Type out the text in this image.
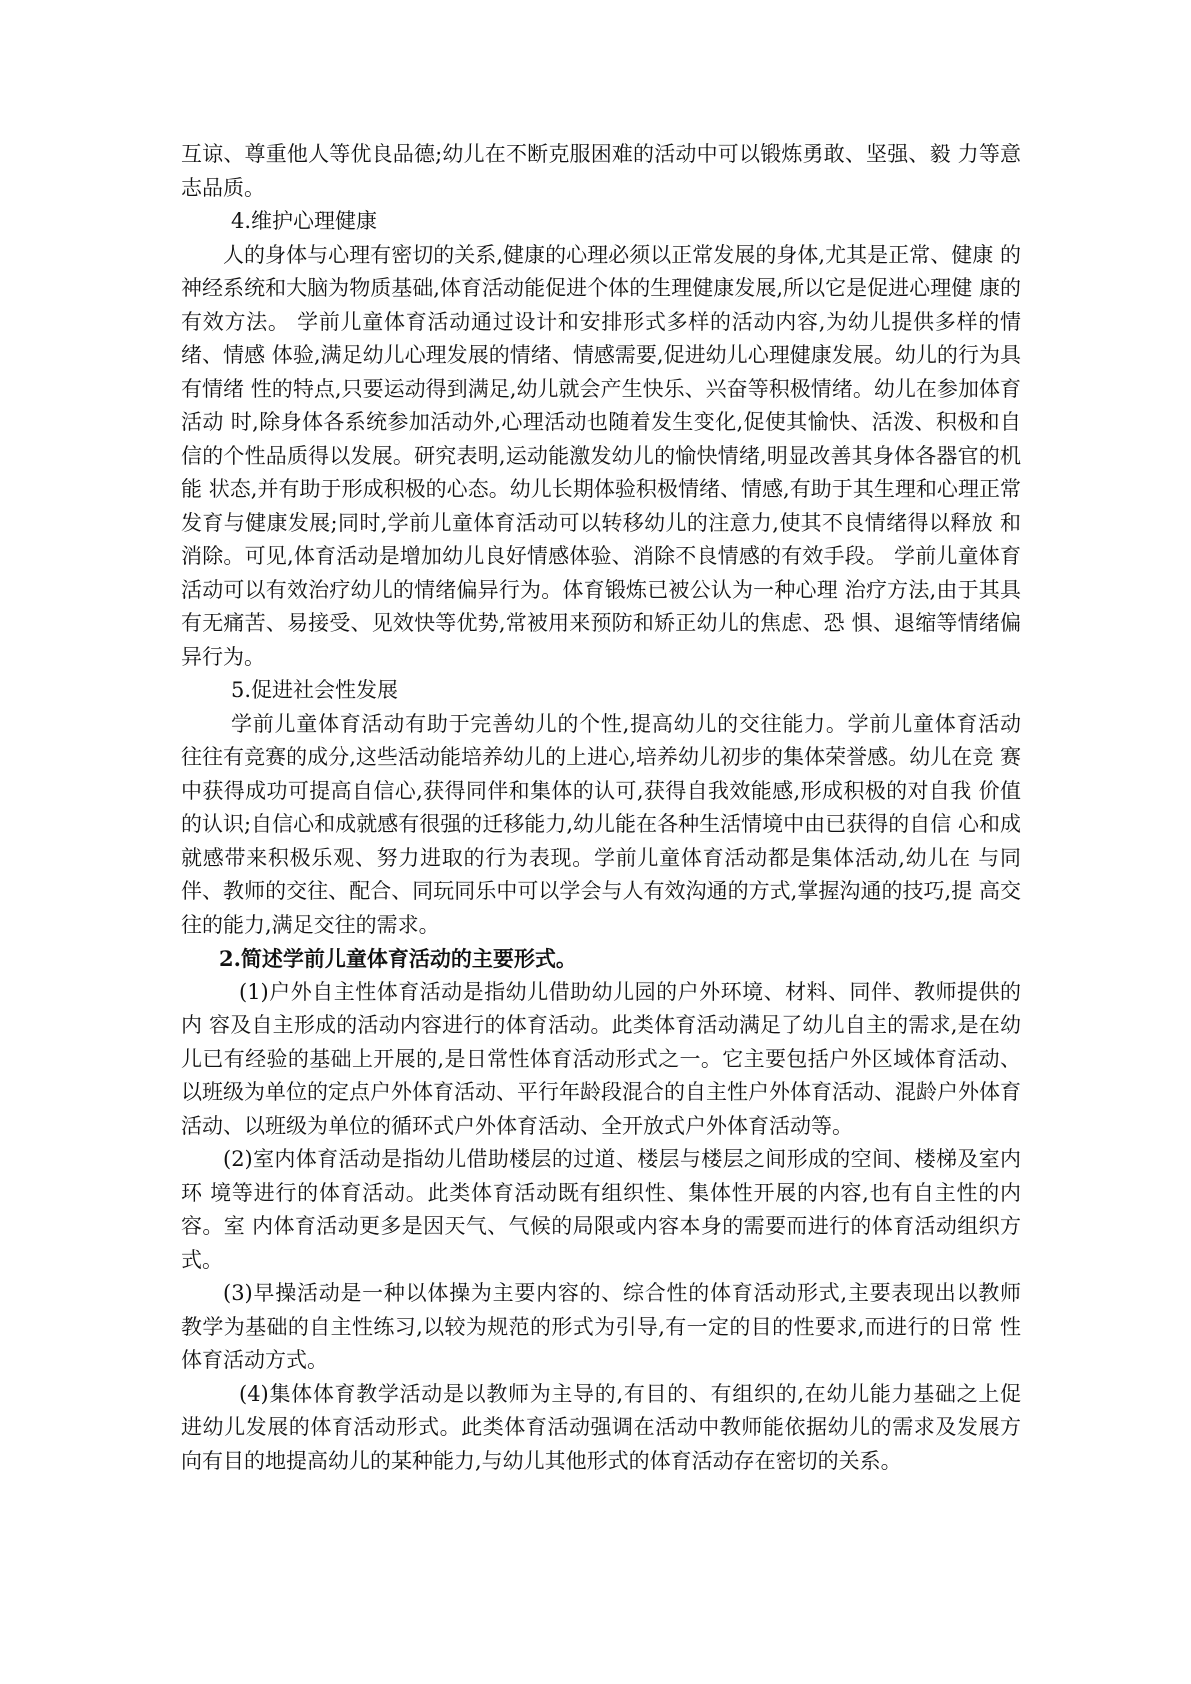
互谅、尊重他人等优良品德;幼儿在不断克服困难的活动中可以锻炼勇敢、坚强、毅 力等意志品质。

4.维护心理健康

人的身体与心理有密切的关系,健康的心理必须以正常发展的身体,尤其是正常、健康 的神经系统和大脑为物质基础,体育活动能促进个体的生理健康发展,所以它是促进心理健 康的有效方法。 学前儿童体育活动通过设计和安排形式多样的活动内容,为幼儿提供多样的情绪、情感 体验,满足幼儿心理发展的情绪、情感需要,促进幼儿心理健康发展。幼儿的行为具有情绪 性的特点,只要运动得到满足,幼儿就会产生快乐、兴奋等积极情绪。幼儿在参加体育活动 时,除身体各系统参加活动外,心理活动也随着发生变化,促使其愉快、活泼、积极和自信的个性品质得以发展。研究表明,运动能激发幼儿的愉快情绪,明显改善其身体各器官的机能 状态,并有助于形成积极的心态。幼儿长期体验积极情绪、情感,有助于其生理和心理正常 发育与健康发展;同时,学前儿童体育活动可以转移幼儿的注意力,使其不良情绪得以释放 和消除。可见,体育活动是增加幼儿良好情感体验、消除不良情感的有效手段。 学前儿童体育活动可以有效治疗幼儿的情绪偏异行为。体育锻炼已被公认为一种心理 治疗方法,由于其具有无痛苦、易接受、见效快等优势,常被用来预防和矫正幼儿的焦虑、恐 惧、退缩等情绪偏异行为。

5.促进社会性发展

学前儿童体育活动有助于完善幼儿的个性,提高幼儿的交往能力。学前儿童体育活动 往往有竞赛的成分,这些活动能培养幼儿的上进心,培养幼儿初步的集体荣誉感。幼儿在竞 赛中获得成功可提高自信心,获得同伴和集体的认可,获得自我效能感,形成积极的对自我 价值的认识;自信心和成就感有很强的迁移能力,幼儿能在各种生活情境中由已获得的自信 心和成就感带来积极乐观、努力进取的行为表现。学前儿童体育活动都是集体活动,幼儿在 与同伴、教师的交往、配合、同玩同乐中可以学会与人有效沟通的方式,掌握沟通的技巧,提 高交往的能力,满足交往的需求。

2.简述学前儿童体育活动的主要形式。

(1)户外自主性体育活动是指幼儿借助幼儿园的户外环境、材料、同伴、教师提供的内 容及自主形成的活动内容进行的体育活动。此类体育活动满足了幼儿自主的需求,是在幼 儿已有经验的基础上开展的,是日常性体育活动形式之一。它主要包括户外区域体育活动、 以班级为单位的定点户外体育活动、平行年龄段混合的自主性户外体育活动、混龄户外体育 活动、以班级为单位的循环式户外体育活动、全开放式户外体育活动等。

(2)室内体育活动是指幼儿借助楼层的过道、楼层与楼层之间形成的空间、楼梯及室内环 境等进行的体育活动。此类体育活动既有组织性、集体性开展的内容,也有自主性的内容。室 内体育活动更多是因天气、气候的局限或内容本身的需要而进行的体育活动组织方式。

(3)早操活动是一种以体操为主要内容的、综合性的体育活动形式,主要表现出以教师 教学为基础的自主性练习,以较为规范的形式为引导,有一定的目的性要求,而进行的日常 性体育活动方式。

(4)集体体育教学活动是以教师为主导的,有目的、有组织的,在幼儿能力基础之上促 进幼儿发展的体育活动形式。此类体育活动强调在活动中教师能依据幼儿的需求及发展方 向有目的地提高幼儿的某种能力,与幼儿其他形式的体育活动存在密切的关系。
